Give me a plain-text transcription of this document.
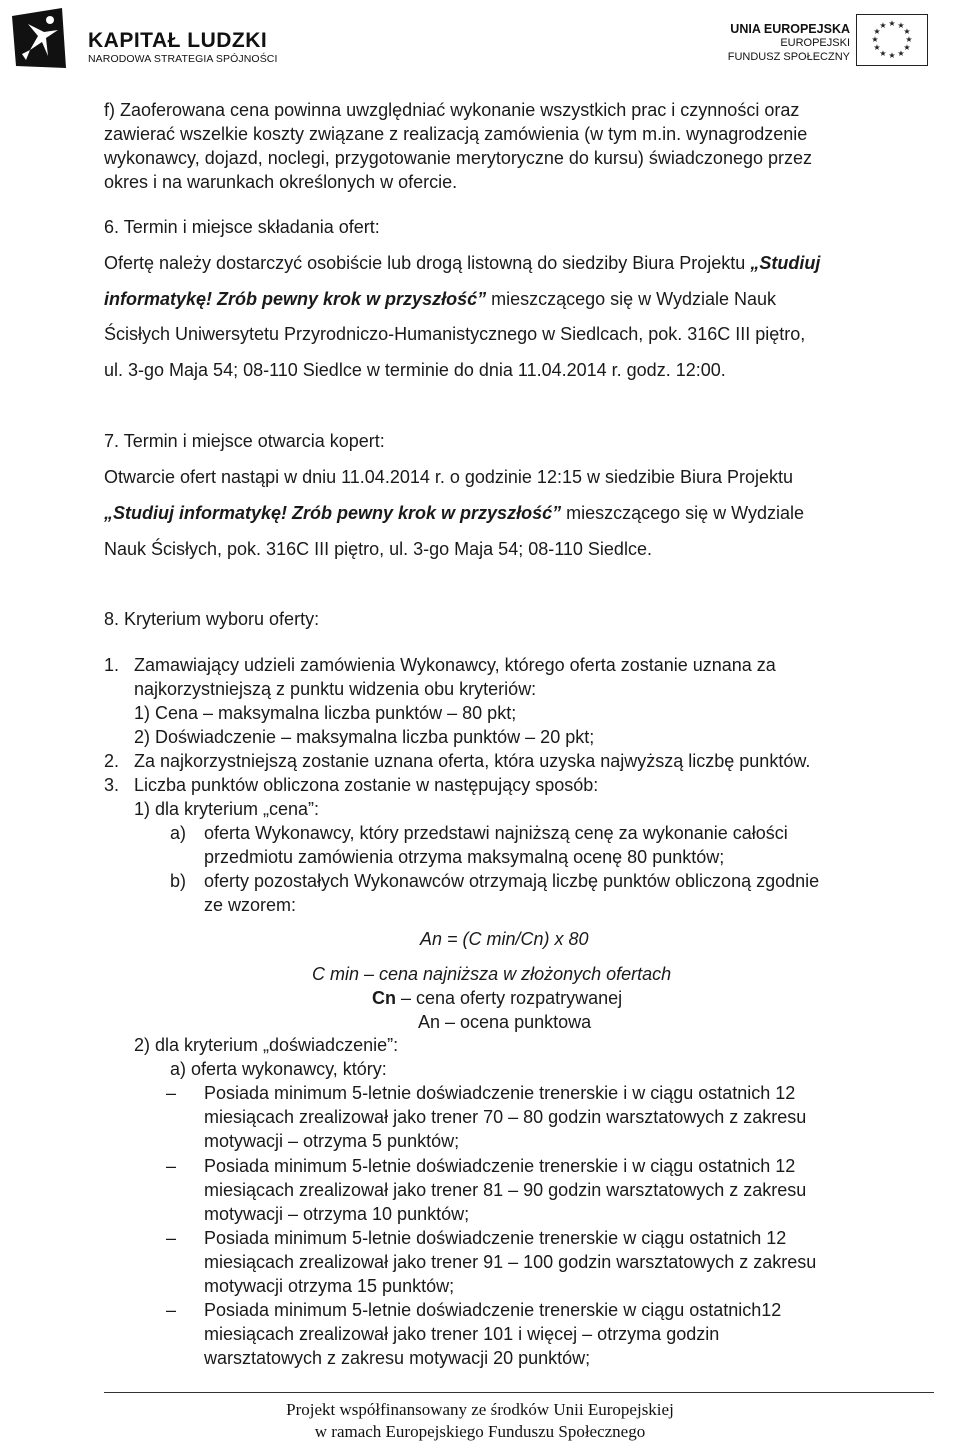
KAPITAŁ LUDZKI
NARODOWA STRATEGIA SPÓJNOŚCI
UNIA EUROPEJSKA
EUROPEJSKI
FUNDUSZ SPOŁECZNY
★ ★
★
★
★
★
★
★
★
★
★
★
f) Zaoferowana cena powinna uwzględniać wykonanie wszystkich prac i czynności oraz
zawierać wszelkie koszty związane z realizacją zamówienia (w tym m.in. wynagrodzenie
wykonawcy, dojazd, noclegi, przygotowanie merytoryczne do kursu) świadczonego przez
okres i na warunkach określonych w ofercie.
6. Termin i miejsce składania ofert:
Ofertę należy dostarczyć osobiście lub drogą listowną do siedziby Biura Projektu „Studiuj
informatykę! Zrób pewny krok w przyszłość” mieszczącego się w Wydziale Nauk
Ścisłych Uniwersytetu Przyrodniczo-Humanistycznego w Siedlcach, pok. 316C III piętro,
ul. 3-go Maja 54; 08-110 Siedlce w terminie do dnia 11.04.2014 r. godz. 12:00.
7. Termin i miejsce otwarcia kopert:
Otwarcie ofert nastąpi w dniu 11.04.2014 r. o godzinie 12:15 w siedzibie Biura Projektu
„Studiuj informatykę! Zrób pewny krok w przyszłość” mieszczącego się w Wydziale
Nauk Ścisłych, pok. 316C III piętro, ul. 3-go Maja 54; 08-110 Siedlce.
8. Kryterium wyboru oferty:
1. Zamawiający udzieli zamówienia Wykonawcy, którego oferta zostanie uznana za
najkorzystniejszą z punktu widzenia obu kryteriów:
1) Cena – maksymalna liczba punktów – 80 pkt;
2) Doświadczenie – maksymalna liczba punktów – 20 pkt;
2. Za najkorzystniejszą zostanie uznana oferta, która uzyska najwyższą liczbę punktów.
3. Liczba punktów obliczona zostanie w następujący sposób:
1) dla kryterium „cena”:
a) oferta Wykonawcy, który przedstawi najniższą cenę za wykonanie całości
przedmiotu zamówienia otrzyma maksymalną ocenę 80 punktów;
b) oferty pozostałych Wykonawców otrzymają liczbę punktów obliczoną zgodnie
ze wzorem:
An = (C min/Cn) x 80
C min – cena najniższa w złożonych ofertach
Cn – cena oferty rozpatrywanej
An – ocena punktowa
2) dla kryterium „doświadczenie”:
a) oferta wykonawcy, który:
– Posiada minimum 5-letnie doświadczenie trenerskie i w ciągu ostatnich 12
miesiącach zrealizował jako trener 70 – 80 godzin warsztatowych z zakresu
motywacji – otrzyma 5 punktów;
– Posiada minimum 5-letnie doświadczenie trenerskie i w ciągu ostatnich 12
miesiącach zrealizował jako trener 81 – 90 godzin warsztatowych z zakresu
motywacji – otrzyma 10 punktów;
– Posiada minimum 5-letnie doświadczenie trenerskie w ciągu ostatnich 12
miesiącach zrealizował jako trener 91 – 100 godzin warsztatowych z zakresu
motywacji otrzyma 15 punktów;
– Posiada minimum 5-letnie doświadczenie trenerskie w ciągu ostatnich12
miesiącach zrealizował jako trener 101 i więcej – otrzyma godzin
warsztatowych z zakresu motywacji 20 punktów;
Projekt współfinansowany ze środków Unii Europejskiej
w ramach Europejskiego Funduszu Społecznego
